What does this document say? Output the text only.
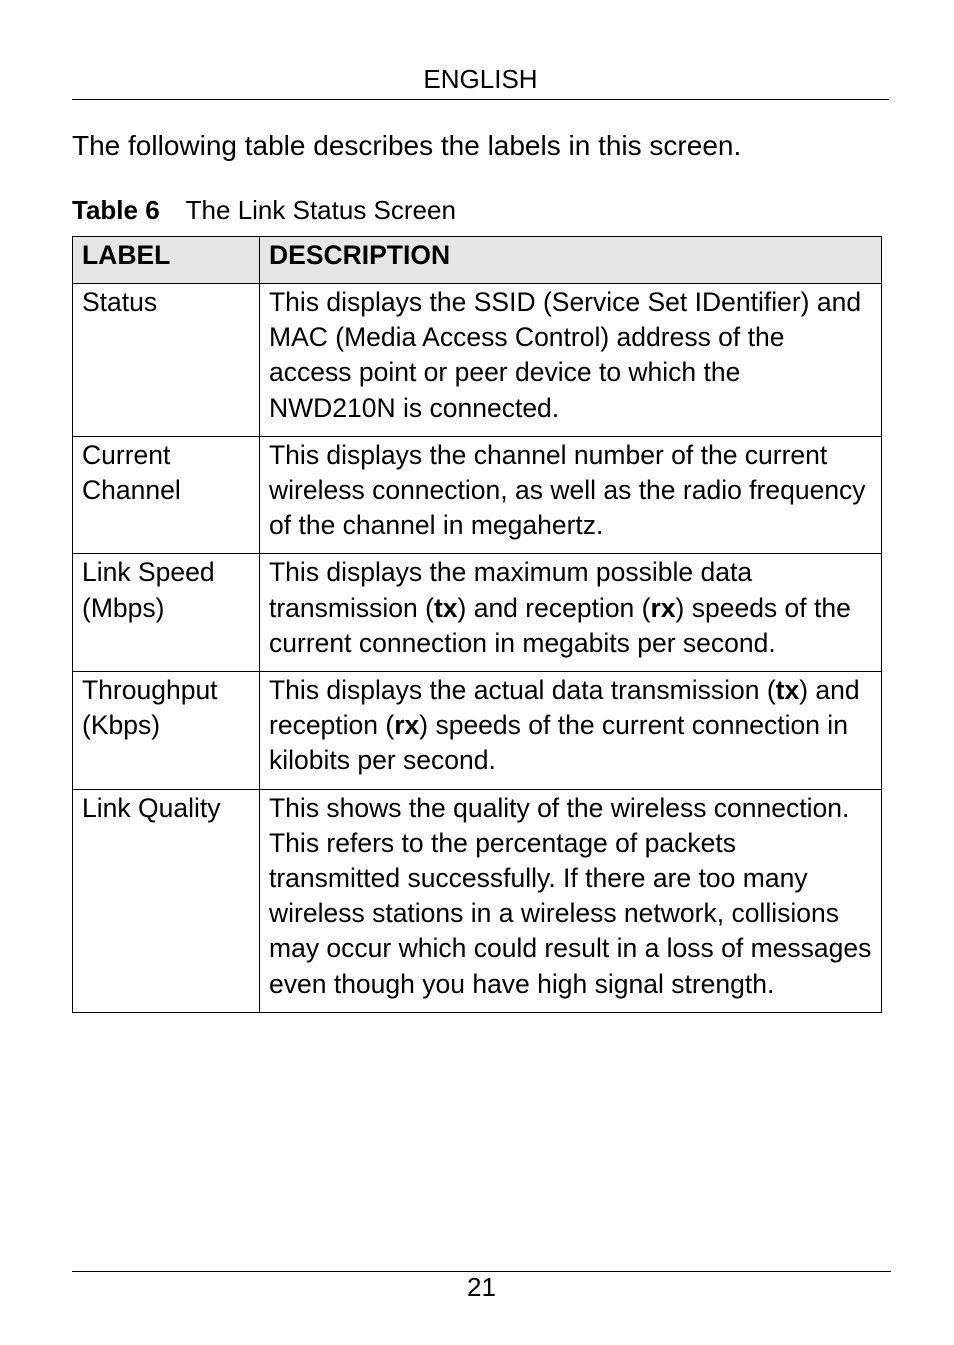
ENGLISH
The following table describes the labels in this screen.
Table 6 The Link Status Screen
LABEL	DESCRIPTION
Status	This displays the SSID (Service Set IDentifier) and MAC (Media Access Control) address of the access point or peer device to which the NWD210N is connected.
Current Channel	This displays the channel number of the current wireless connection, as well as the radio frequency of the channel in megahertz.
Link Speed (Mbps)	This displays the maximum possible data transmission (tx) and reception (rx) speeds of the current connection in megabits per second.
Throughput (Kbps)	This displays the actual data transmission (tx) and reception (rx) speeds of the current connection in kilobits per second.
Link Quality	This shows the quality of the wireless connection. This refers to the percentage of packets transmitted successfully. If there are too many wireless stations in a wireless network, collisions may occur which could result in a loss of messages even though you have high signal strength.
21
